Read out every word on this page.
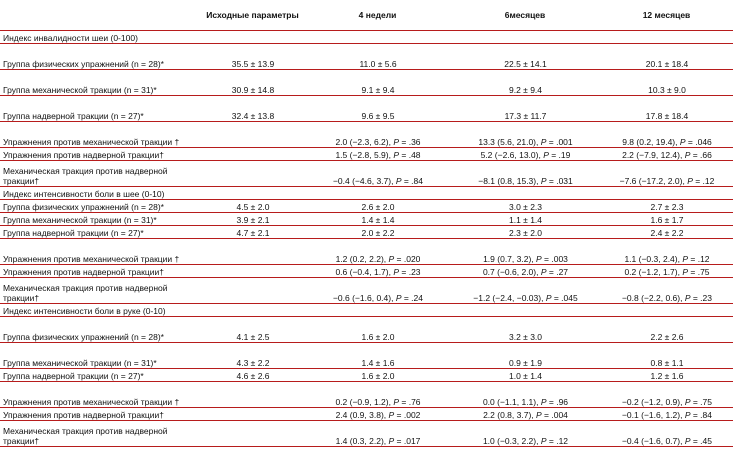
	Исходные параметры	4 недели	6месяцев	12 месяцев
Индекс инвалидности шеи (0-100)				
Группа физических упражнений (n = 28)*	35.5 ± 13.9	11.0 ± 5.6	22.5 ± 14.1	20.1 ± 18.4
Группа механической тракции (n = 31)*	30.9 ± 14.8	9.1 ± 9.4	9.2 ± 9.4	10.3 ± 9.0
Группа надверной тракции (n = 27)*	32.4 ± 13.8	9.6 ± 9.5	17.3 ± 11.7	17.8 ± 18.4
Упражнения против механической тракции †		2.0 (−2.3, 6.2), P = .36	13.3 (5.6, 21.0), P = .001	9.8 (0.2, 19.4), P = .046
Упражнения против надверной тракции†		1.5 (−2.8, 5.9), P = .48	5.2 (−2.6, 13.0), P = .19	2.2 (−7.9, 12.4), P = .66
Механическая тракция против надверной тракции†		−0.4 (−4.6, 3.7), P = .84	−8.1 (0.8, 15.3), P = .031	−7.6 (−17.2, 2.0), P = .12
Индекс интенсивности боли в шее (0-10)				
Группа физических упражнений (n = 28)*	4.5 ± 2.0	2.6 ± 2.0	3.0 ± 2.3	2.7 ± 2.3
Группа механической тракции (n = 31)*	3.9 ± 2.1	1.4 ± 1.4	1.1 ± 1.4	1.6 ± 1.7
Группа надверной тракции (n = 27)*	4.7 ± 2.1	2.0 ± 2.2	2.3 ± 2.0	2.4 ± 2.2
Упражнения против механической тракции †		1.2 (0.2, 2.2), P = .020	1.9 (0.7, 3.2), P = .003	1.1 (−0.3, 2.4), P = .12
Упражнения против надверной тракции†		0.6 (−0.4, 1.7), P = .23	0.7 (−0.6, 2.0), P = .27	0.2 (−1.2, 1.7), P = .75
Механическая тракция против надверной тракции†		−0.6 (−1.6, 0.4), P = .24	−1.2 (−2.4, −0.03), P = .045	−0.8 (−2.2, 0.6), P = .23
Индекс интенсивности боли в руке (0-10)				
Группа физических упражнений (n = 28)*	4.1 ± 2.5	1.6 ± 2.0	3.2 ± 3.0	2.2 ± 2.6
Группа механической тракции (n = 31)*	4.3 ± 2.2	1.4 ± 1.6	0.9 ± 1.9	0.8 ± 1.1
Группа надверной тракции (n = 27)*	4.6 ± 2.6	1.6 ± 2.0	1.0 ± 1.4	1.2 ± 1.6
Упражнения против механической тракции †		0.2 (−0.9, 1.2), P = .76	0.0 (−1.1, 1.1), P = .96	−0.2 (−1.2, 0.9), P = .75
Упражнения против надверной тракции†		2.4 (0.9, 3.8), P = .002	2.2 (0.8, 3.7), P = .004	−0.1 (−1.6, 1.2), P = .84
Механическая тракция против надверной тракции†		1.4 (0.3, 2.2), P = .017	1.0 (−0.3, 2.2), P = .12	−0.4 (−1.6, 0.7), P = .45
